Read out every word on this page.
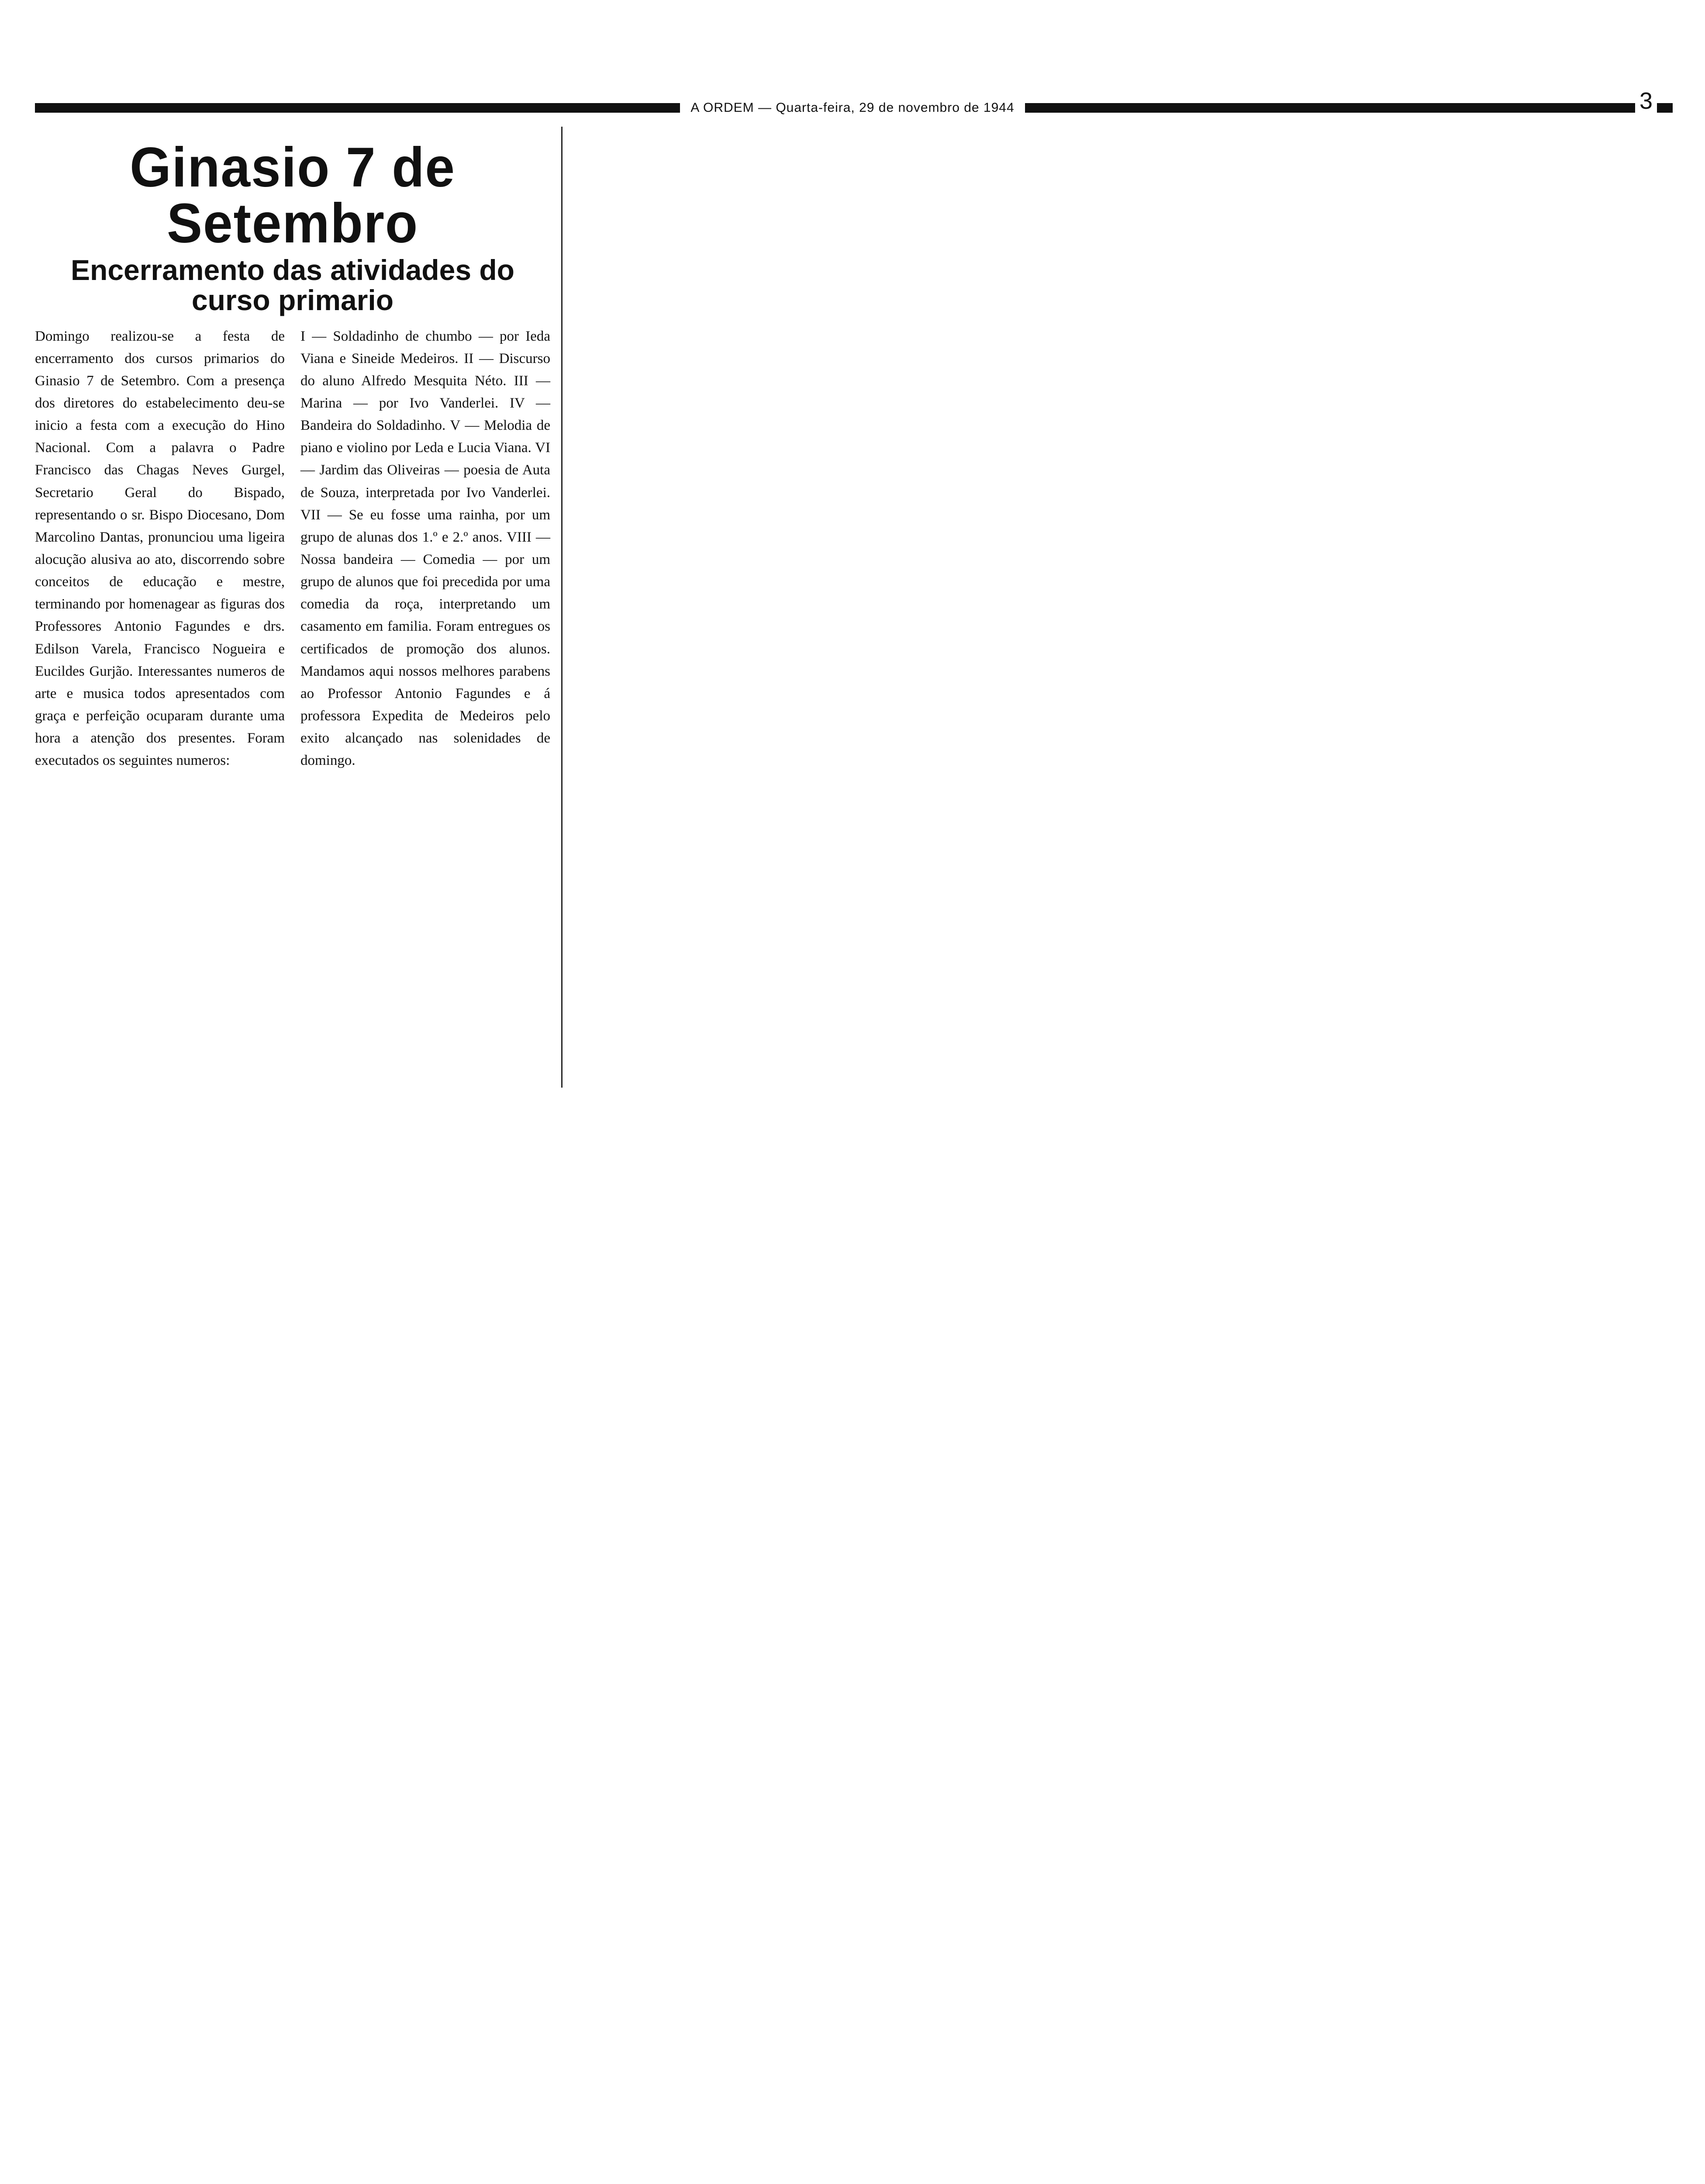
A ORDEM — Quarta-feira, 29 de novembro de 1944	3
Ginasio 7 de Setembro
Encerramento das atividades do curso primario

Domingo realizou-se a festa de encerramento dos cursos primarios do Ginasio 7 de Setembro. Com a presença dos diretores do estabelecimento deu-se inicio a festa com a execução do Hino Nacional. Com a palavra o Padre Francisco das Chagas Neves Gurgel, Secretario Geral do Bispado, representando o sr. Bispo Diocesano, Dom Marcolino Dantas, pronunciou uma ligeira alocução alusiva ao ato, discorrendo sobre conceitos de educação e mestre, terminando por homenagear as figuras dos Professores Antonio Fagundes e drs. Edilson Varela, Francisco Nogueira e Eucildes Gurjão. Interessantes numeros de arte e musica todos apresentados com graça e perfeição ocuparam durante uma hora a atenção dos presentes. Foram executados os seguintes numeros:

I — Soldadinho de chumbo — por Ieda Viana e Sineide Medeiros. II — Discurso do aluno Alfredo Mesquita Néto. III —Marina — por Ivo Vanderlei. IV — Bandeira do Soldadinho. V — Melodia de piano e violino por Leda e Lucia Viana. VI — Jardim das Oliveiras — poesia de Auta de Souza, interpretada por Ivo Vanderlei. VII — Se eu fosse uma rainha, por um grupo de alunas dos 1.º e 2.º anos. VIII — Nossa bandeira — Comedia — por um grupo de alunos que foi precedida por uma comedia da roça, interpretando um casamento em familia. Foram entregues os certificados de promoção dos alunos. Mandamos aqui nossos melhores parabens ao Professor Antonio Fagundes e á professora Expedita de Medeiros pelo exito alcançado nas solenidades de domingo.
